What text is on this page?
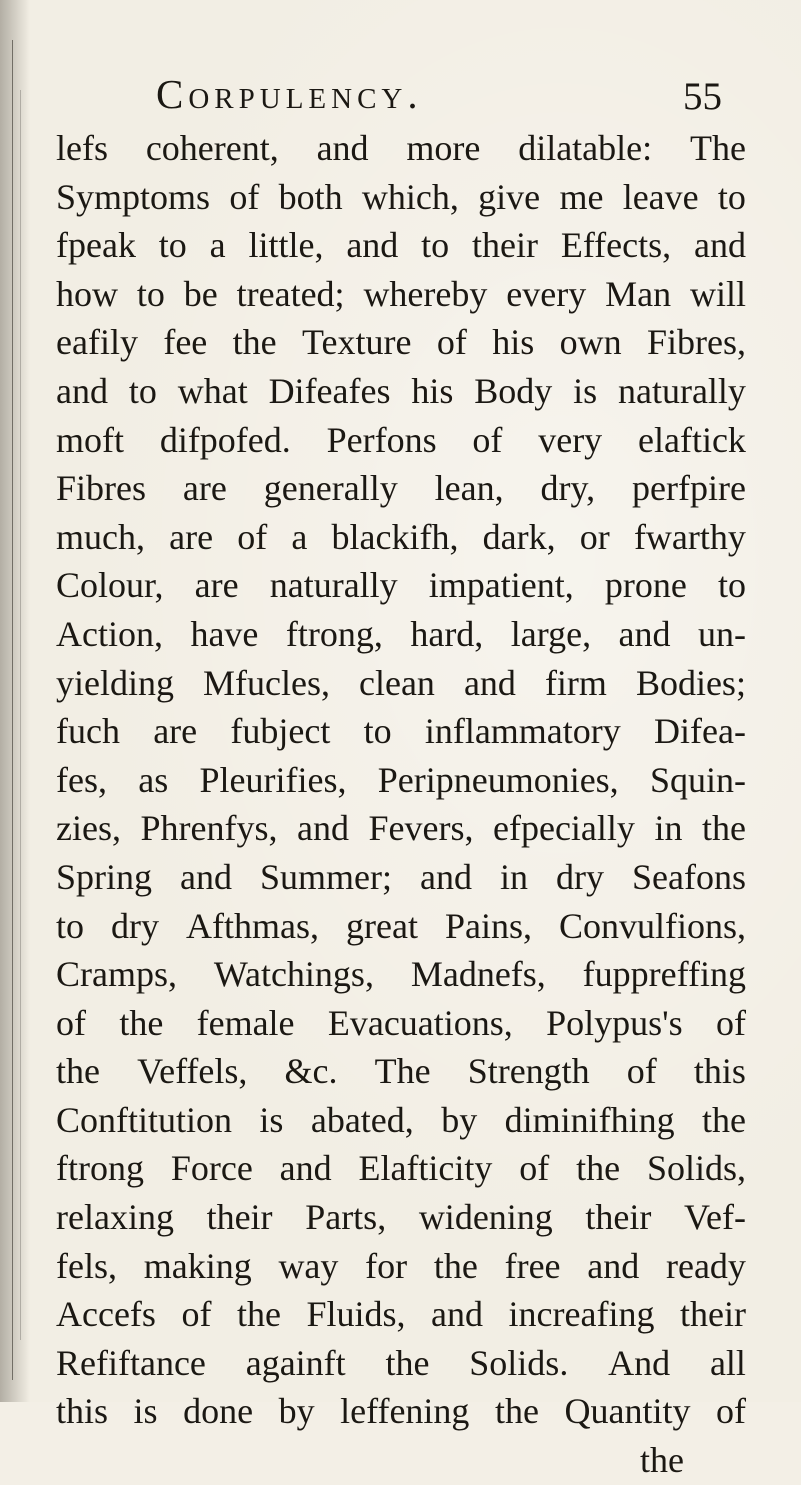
Corpulency.	55
lefs coherent, and more dilatable: The
Symptoms of both which, give me leave to
fpeak to a little, and to their Effects, and
how to be treated; whereby every Man will
eafily fee the Texture of his own Fibres,
and to what Difeafes his Body is naturally
moft difpofed. Perfons of very elaftick
Fibres are generally lean, dry, perfpire
much, are of a blackifh, dark, or fwarthy
Colour, are naturally impatient, prone to
Action, have ftrong, hard, large, and un-
yielding Mfucles, clean and firm Bodies;
fuch are fubject to inflammatory Difea-
fes, as Pleurifies, Peripneumonies, Squin-
zies, Phrenfys, and Fevers, efpecially in the
Spring and Summer; and in dry Seafons
to dry Afthmas, great Pains, Convulfions,
Cramps, Watchings, Madnefs, fuppreffing
of the female Evacuations, Polypus's of
the Veffels, &c. The Strength of this
Conftitution is abated, by diminifhing the
ftrong Force and Elafticity of the Solids,
relaxing their Parts, widening their Vef-
fels, making way for the free and ready
Accefs of the Fluids, and increafing their
Refiftance againft the Solids. And all
this is done by leffening the Quantity of
the
